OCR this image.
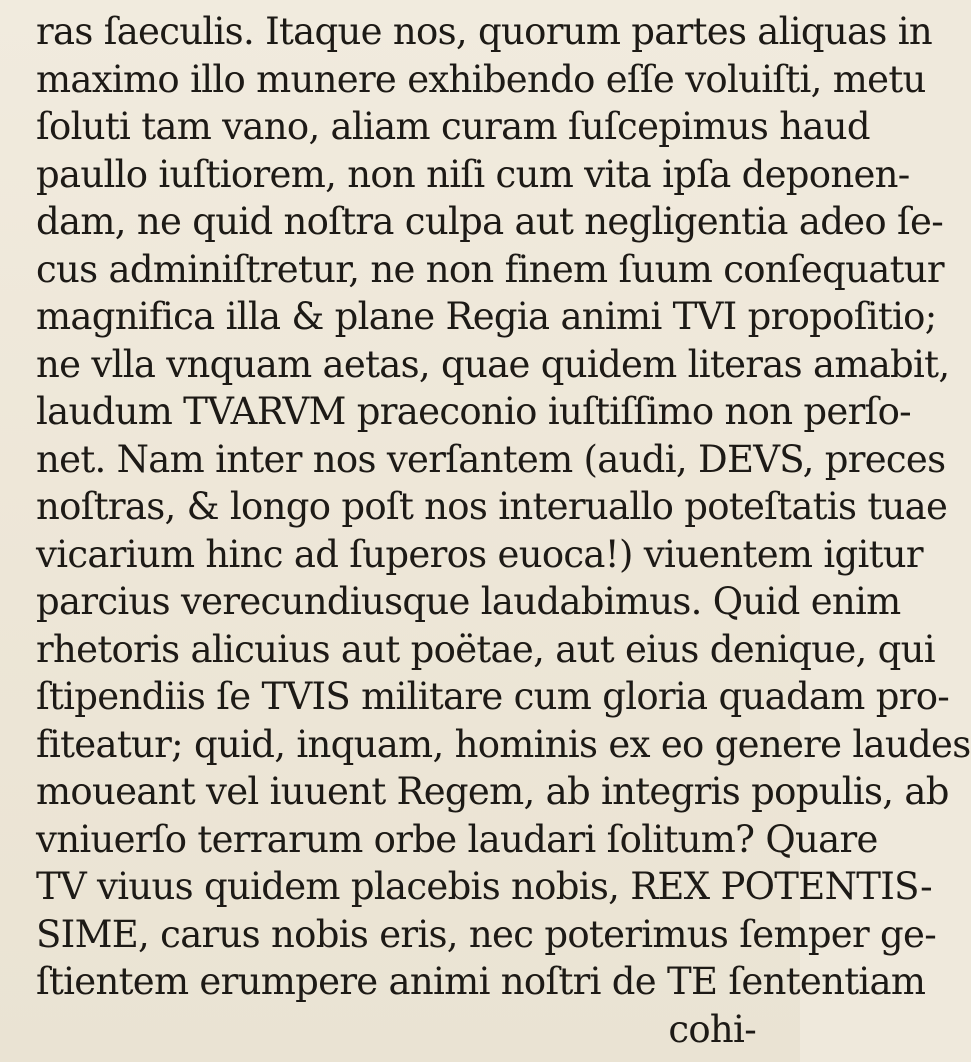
ras ſaeculis. Itaque nos, quorum partes aliquas in
maximo illo munere exhibendo eſſe voluiſti, metu
ſoluti tam vano, aliam curam ſuſcepimus haud
paullo iuſtiorem, non niſi cum vita ipſa deponen-
dam, ne quid noſtra culpa aut negligentia adeo ſe-
cus adminiſtretur, ne non finem ſuum conſequatur
magnifica illa & plane Regia animi TVI propoſitio;
ne vlla vnquam aetas, quae quidem literas amabit,
laudum TVARVM praeconio iuſtiſſimo non perſo-
net. Nam inter nos verſantem (audi, DEVS, preces
noſtras, & longo poſt nos interuallo poteſtatis tuae
vicarium hinc ad ſuperos euoca!) viuentem igitur
parcius verecundiusque laudabimus. Quid enim
rhetoris alicuius aut poëtae, aut eius denique, qui
ſtipendiis ſe TVIS militare cum gloria quadam pro-
fiteatur; quid, inquam, hominis ex eo genere laudes
moueant vel iuuent Regem, ab integris populis, ab
vniuerſo terrarum orbe laudari ſolitum? Quare
TV viuus quidem placebis nobis, REX POTENTIS-
SIME, carus nobis eris, nec poterimus ſemper ge-
ſtientem erumpere animi noſtri de TE ſententiam
cohi-
